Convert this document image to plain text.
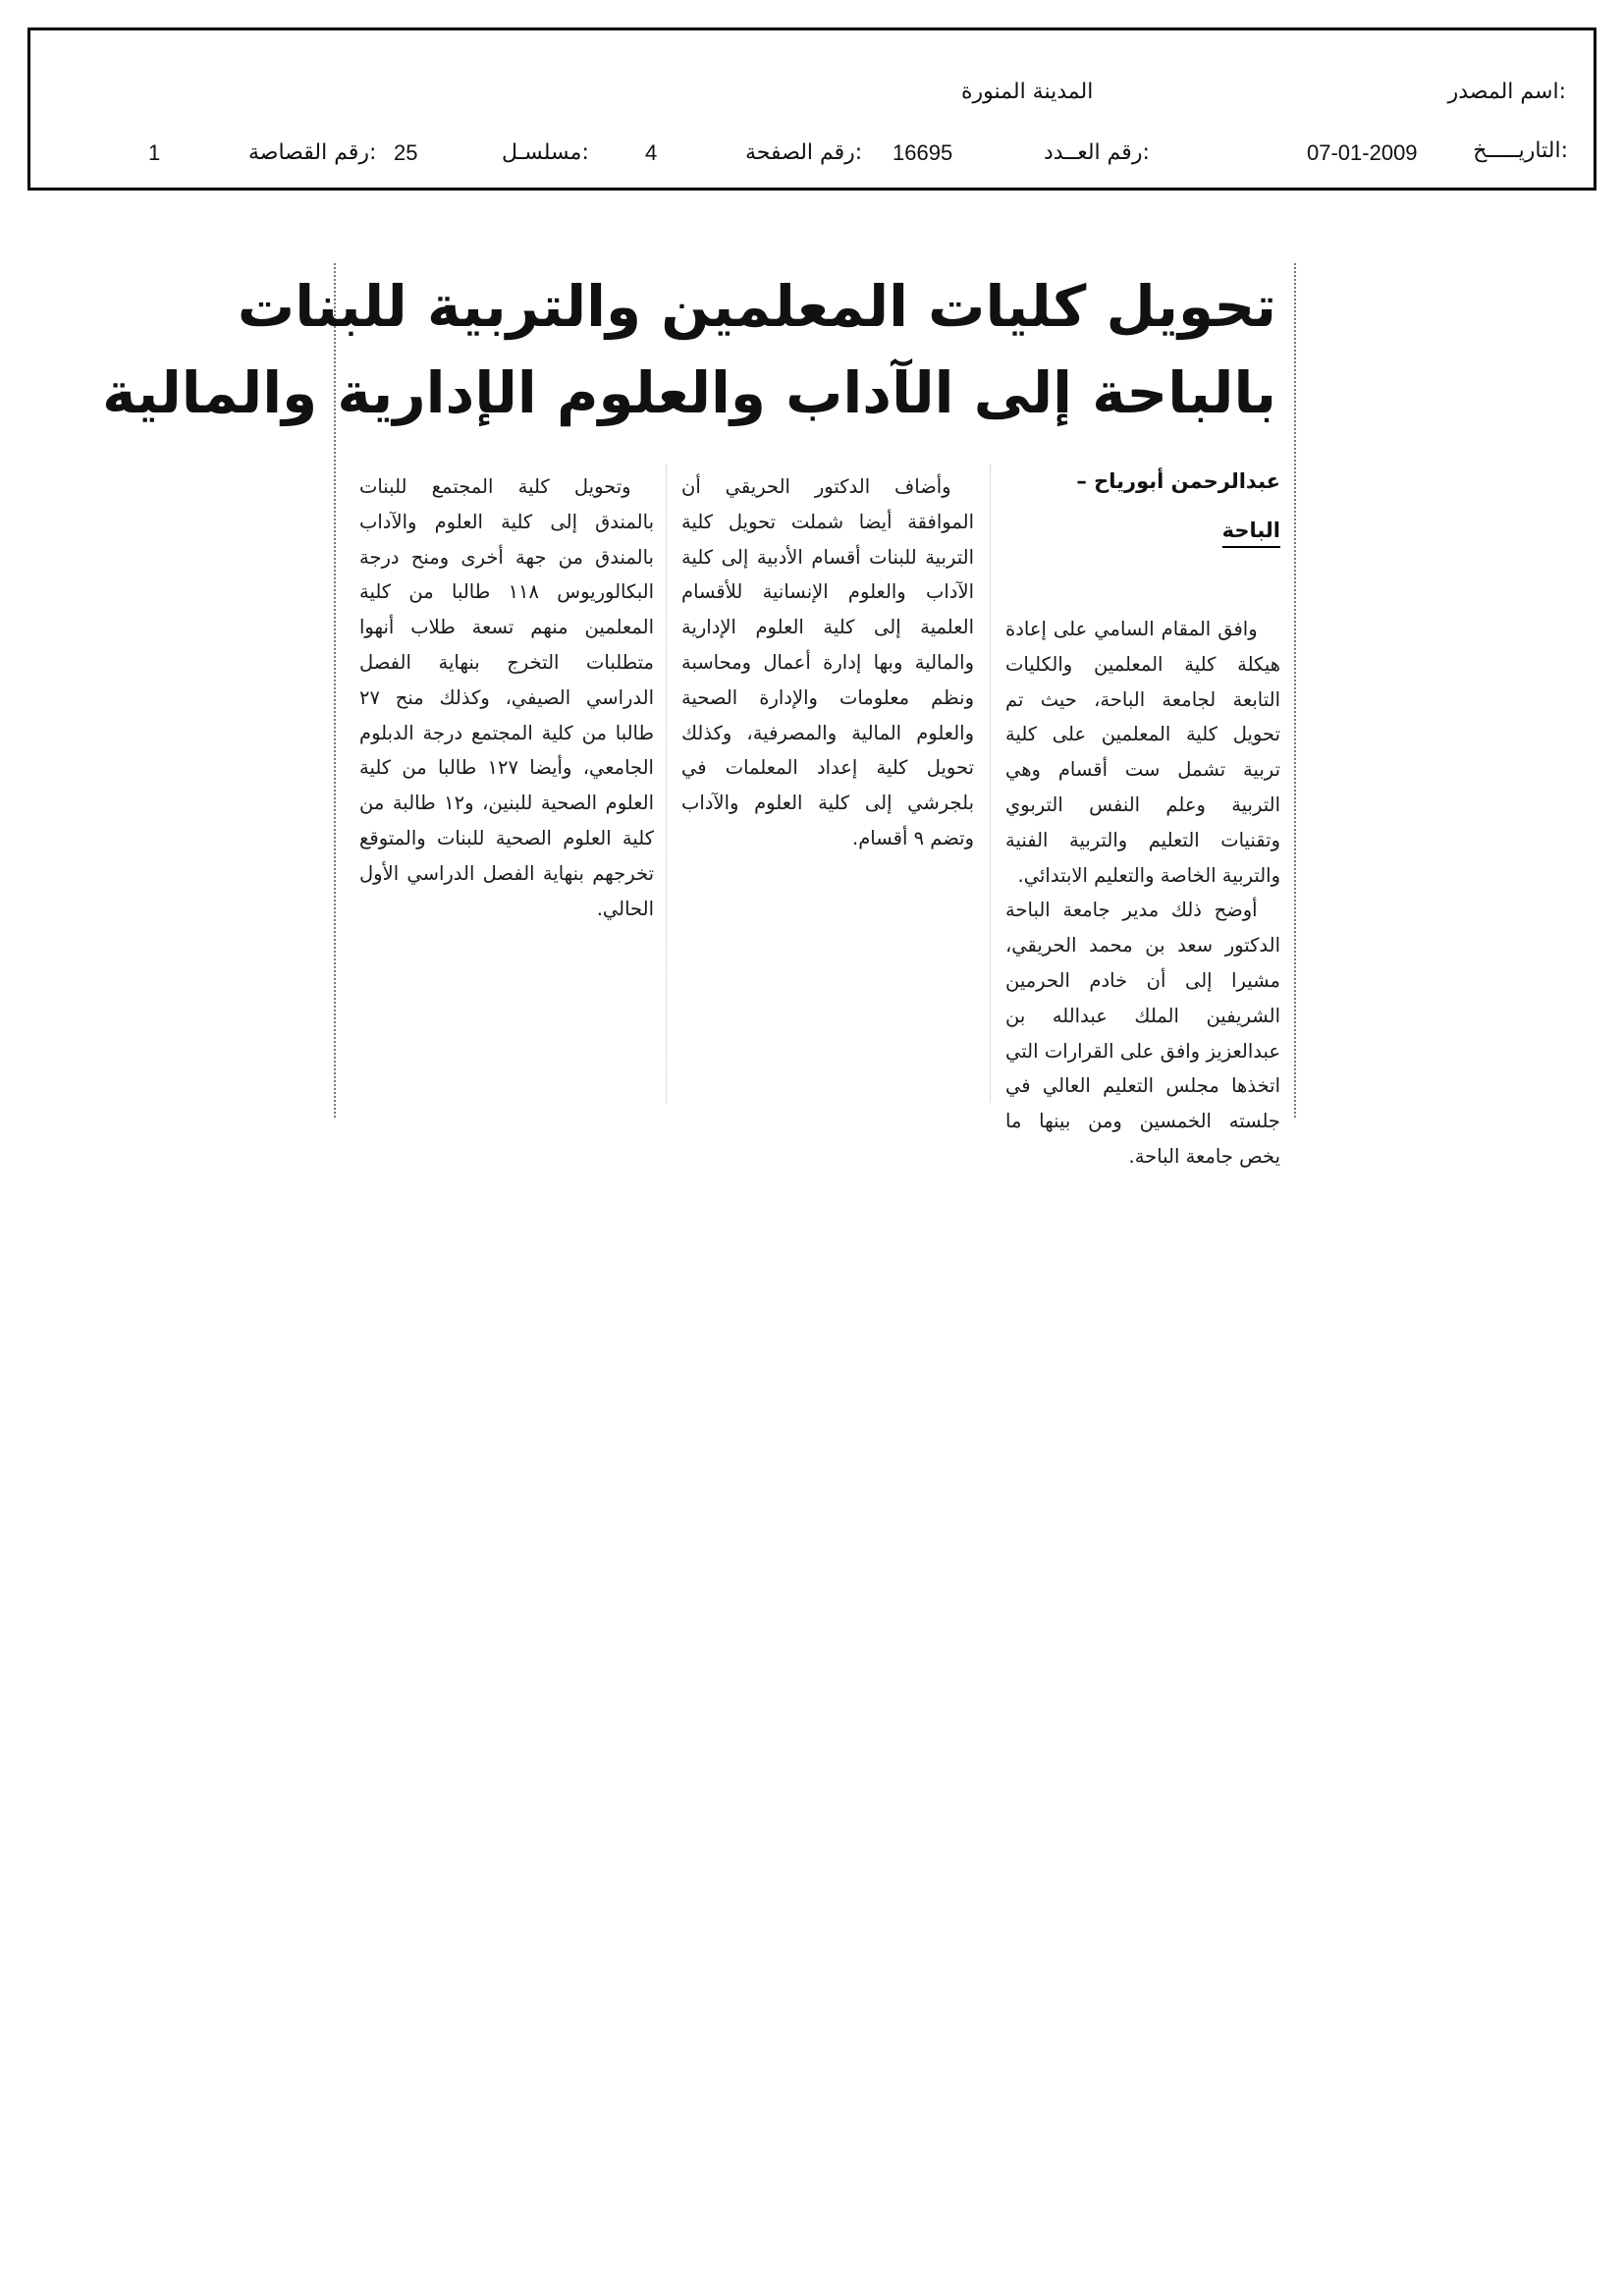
اسم المصدر:
المدينة المنورة
التاريـــــخ:
07-01-2009
رقم العــدد:
16695
رقم الصفحة:
4
مسلسـل:
25
رقم القصاصة:
1
تحويل كليات المعلمين والتربية للبنات
بالباحة إلى الآداب والعلوم الإدارية والمالية
عبدالرحمن أبورياح –
الباحة

وافق المقام السامي على إعادة هيكلة كلية المعلمين والكليات التابعة لجامعة الباحة، حيث تم تحويل كلية المعلمين على كلية تربية تشمل ست أقسام وهي التربية وعلم النفس التربوي وتقنيات التعليم والتربية الفنية والتربية الخاصة والتعليم الابتدائي.

أوضح ذلك مدير جامعة الباحة الدكتور سعد بن محمد الحريقي، مشيرا إلى أن خادم الحرمين الشريفين الملك عبدالله بن عبدالعزيز وافق على القرارات التي اتخذها مجلس التعليم العالي في جلسته الخمسين ومن بينها ما يخص جامعة الباحة.

وأضاف الدكتور الحريقي أن الموافقة أيضا شملت تحويل كلية التربية للبنات أقسام الأدبية إلى كلية الآداب والعلوم الإنسانية للأقسام العلمية إلى كلية العلوم الإدارية والمالية وبها إدارة أعمال ومحاسبة ونظم معلومات والإدارة الصحية والعلوم المالية والمصرفية، وكذلك تحويل كلية إعداد المعلمات في بلجرشي إلى كلية العلوم والآداب وتضم ٩ أقسام.

وتحويل كلية المجتمع للبنات بالمندق إلى كلية العلوم والآداب بالمندق من جهة أخرى ومنح درجة البكالوريوس ١١٨ طالبا من كلية المعلمين منهم تسعة طلاب أنهوا متطلبات التخرج بنهاية الفصل الدراسي الصيفي، وكذلك منح ٢٧ طالبا من كلية المجتمع درجة الدبلوم الجامعي، وأيضا ١٢٧ طالبا من كلية العلوم الصحية للبنين، و١٢ طالبة من كلية العلوم الصحية للبنات والمتوقع تخرجهم بنهاية الفصل الدراسي الأول الحالي.
